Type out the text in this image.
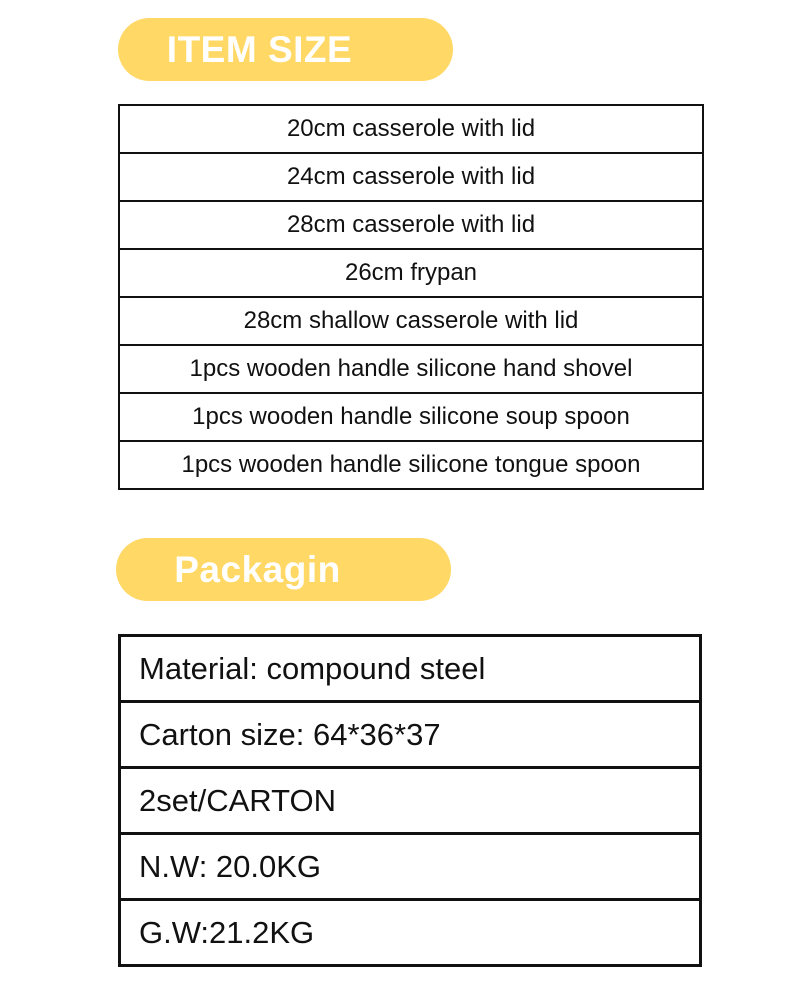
ITEM SIZE
20cm casserole with lid
24cm casserole with lid
28cm casserole with lid
26cm frypan
28cm shallow casserole with lid
1pcs wooden handle silicone hand shovel
1pcs wooden handle silicone soup spoon
1pcs wooden handle silicone tongue spoon
Packagin
Material: compound steel
Carton size: 64*36*37
2set/CARTON
N.W: 20.0KG
G.W:21.2KG
